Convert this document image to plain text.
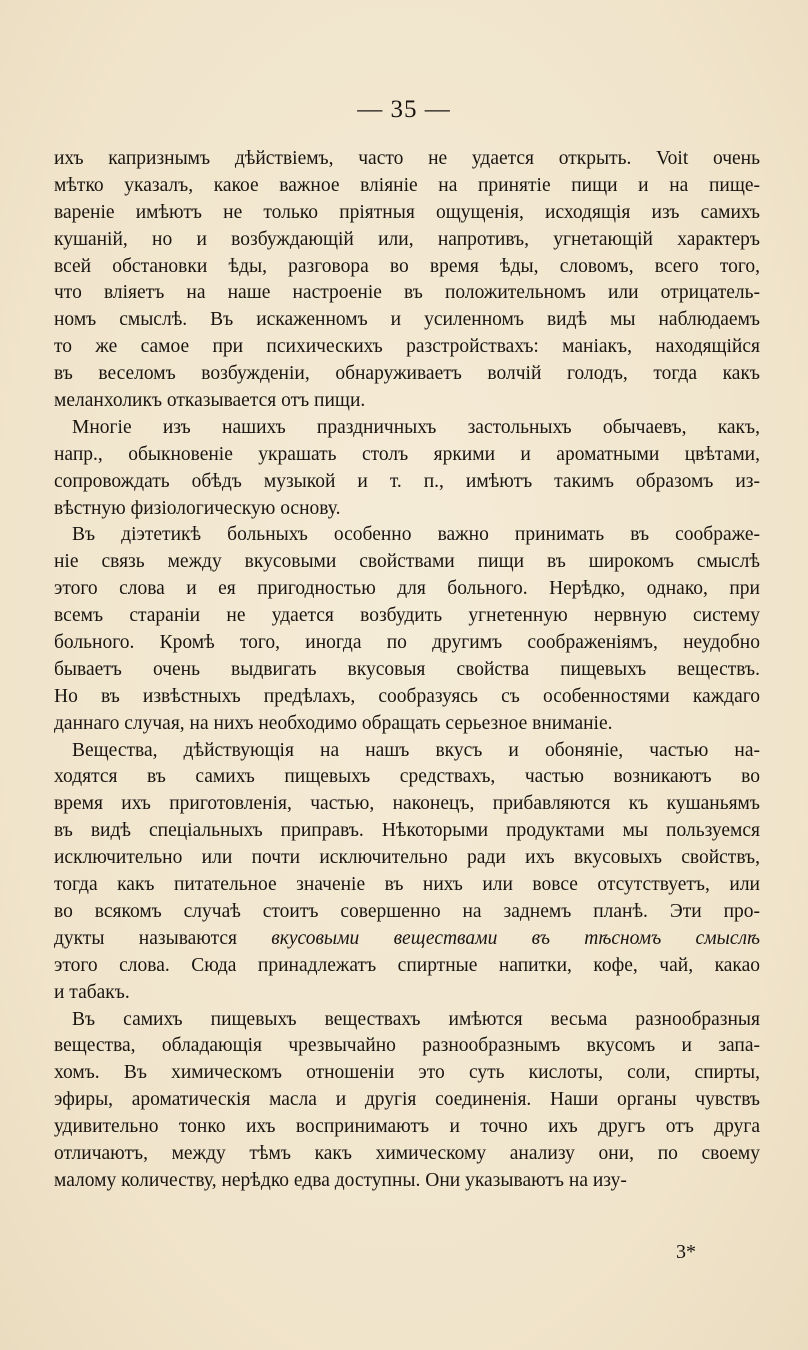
— 35 —
ихъ капризнымъ дѣйствіемъ, часто не удается открыть. Voit очень
мѣтко указалъ, какое важное вліяніе на принятіе пищи и на пище-
вареніе имѣютъ не только пріятныя ощущенія, исходящія изъ самихъ
кушаній, но и возбуждающій или, напротивъ, угнетающій характеръ
всей обстановки ѣды, разговора во время ѣды, словомъ, всего того,
что вліяетъ на наше настроеніе въ положительномъ или отрицатель-
номъ смыслѣ. Въ искаженномъ и усиленномъ видѣ мы наблюдаемъ
то же самое при психическихъ разстройствахъ: маніакъ, находящійся
въ веселомъ возбужденіи, обнаруживаетъ волчій голодъ, тогда какъ
меланхоликъ отказывается отъ пищи.
Многіе изъ нашихъ праздничныхъ застольныхъ обычаевъ, какъ,
напр., обыкновеніе украшать столъ яркими и ароматными цвѣтами,
сопровождать обѣдъ музыкой и т. п., имѣютъ такимъ образомъ из-
вѣстную физіологическую основу.
Въ діэтетикѣ больныхъ особенно важно принимать въ соображе-
ніе связь между вкусовыми свойствами пищи въ широкомъ смыслѣ
этого слова и ея пригодностью для больного. Нерѣдко, однако, при
всемъ стараніи не удается возбудить угнетенную нервную систему
больного. Кромѣ того, иногда по другимъ соображеніямъ, неудобно
бываетъ очень выдвигать вкусовыя свойства пищевыхъ веществъ.
Но въ извѣстныхъ предѣлахъ, сообразуясь съ особенностями каждаго
даннаго случая, на нихъ необходимо обращать серьезное вниманіе.
Вещества, дѣйствующія на нашъ вкусъ и обоняніе, частью на-
ходятся въ самихъ пищевыхъ средствахъ, частью возникаютъ во
время ихъ приготовленія, частью, наконецъ, прибавляются къ кушаньямъ
въ видѣ спеціальныхъ приправъ. Нѣкоторыми продуктами мы пользуемся
исключительно или почти исключительно ради ихъ вкусовыхъ свойствъ,
тогда какъ питательное значеніе въ нихъ или вовсе отсутствуетъ, или
во всякомъ случаѣ стоитъ совершенно на заднемъ планѣ. Эти про-
дукты называются вкусовыми веществами въ тѣсномъ смыслѣ
этого слова. Сюда принадлежатъ спиртные напитки, кофе, чай, какао
и табакъ.
Въ самихъ пищевыхъ веществахъ имѣются весьма разнообразныя
вещества, обладающія чрезвычайно разнообразнымъ вкусомъ и запа-
хомъ. Въ химическомъ отношеніи это суть кислоты, соли, спирты,
эфиры, ароматическія масла и другія соединенія. Наши органы чувствъ
удивительно тонко ихъ воспринимаютъ и точно ихъ другъ отъ друга
отличаютъ, между тѣмъ какъ химическому анализу они, по своему
малому количеству, нерѣдко едва доступны. Они указываютъ на изу-
3*
